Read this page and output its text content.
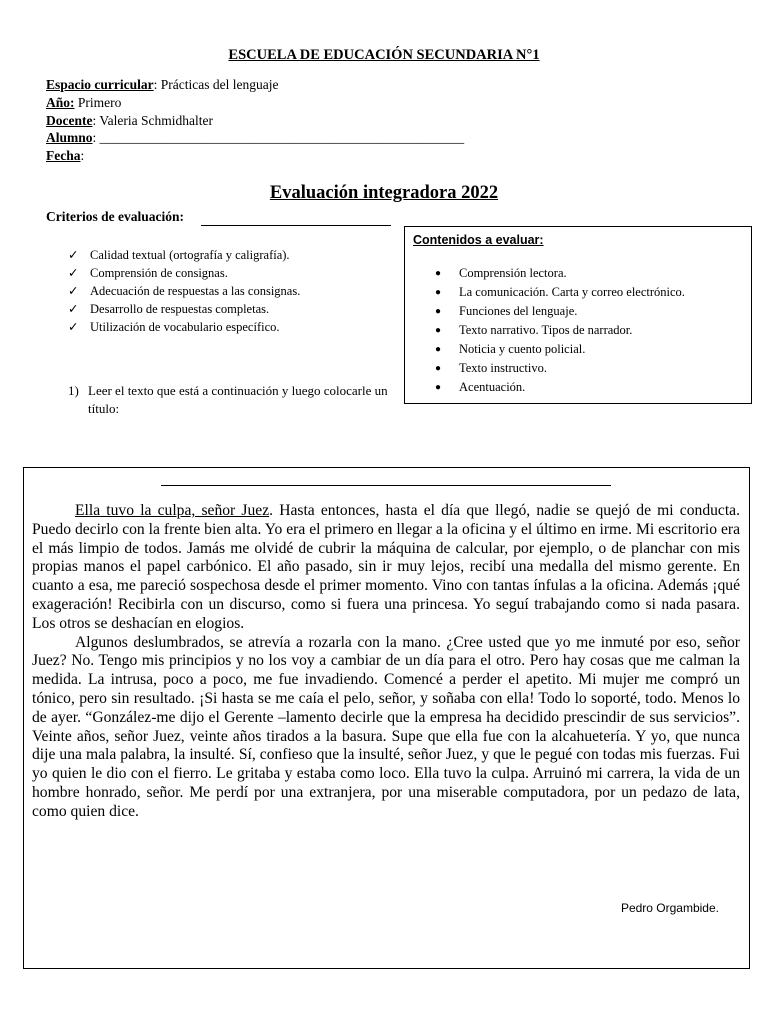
ESCUELA DE EDUCACIÓN SECUNDARIA N°1
Espacio curricular: Prácticas del lenguaje
Año: Primero
Docente: Valeria Schmidhalter
Alumno: ______________________________________________________
Fecha:
Evaluación integradora 2022
Criterios de evaluación:
✓ Calidad textual (ortografía y caligrafía).
✓ Comprensión de consignas.
✓ Adecuación de respuestas a las consignas.
✓ Desarrollo de respuestas completas.
✓ Utilización de vocabulario específico.
Contenidos a evaluar:
● Comprensión lectora.
● La comunicación. Carta y correo electrónico.
● Funciones del lenguaje.
● Texto narrativo. Tipos de narrador.
● Noticia y cuento policial.
● Texto instructivo.
● Acentuación.
1) Leer el texto que está a continuación y luego colocarle un título:

Ella tuvo la culpa, señor Juez. Hasta entonces, hasta el día que llegó, nadie se quejó de mi conducta. Puedo decirlo con la frente bien alta. Yo era el primero en llegar a la oficina y el último en irme. Mi escritorio era el más limpio de todos. Jamás me olvidé de cubrir la máquina de calcular, por ejemplo, o de planchar con mis propias manos el papel carbónico. El año pasado, sin ir muy lejos, recibí una medalla del mismo gerente. En cuanto a esa, me pareció sospechosa desde el primer momento. Vino con tantas ínfulas a la oficina. Además ¡qué exageración! Recibirla con un discurso, como si fuera una princesa. Yo seguí trabajando como si nada pasara. Los otros se deshacían en elogios.

Algunos deslumbrados, se atrevía a rozarla con la mano. ¿Cree usted que yo me inmuté por eso, señor Juez? No. Tengo mis principios y no los voy a cambiar de un día para el otro. Pero hay cosas que me calman la medida. La intrusa, poco a poco, me fue invadiendo. Comencé a perder el apetito. Mi mujer me compró un tónico, pero sin resultado. ¡Si hasta se me caía el pelo, señor, y soñaba con ella! Todo lo soporté, todo. Menos lo de ayer. “González-me dijo el Gerente –lamento decirle que la empresa ha decidido prescindir de sus servicios”. Veinte años, señor Juez, veinte años tirados a la basura. Supe que ella fue con la alcahuetería. Y yo, que nunca dije una mala palabra, la insulté. Sí, confieso que la insulté, señor Juez, y que le pegué con todas mis fuerzas. Fui yo quien le dio con el fierro. Le gritaba y estaba como loco. Ella tuvo la culpa. Arruinó mi carrera, la vida de un hombre honrado, señor. Me perdí por una extranjera, por una miserable computadora, por un pedazo de lata, como quien dice.

Pedro Orgambide.
